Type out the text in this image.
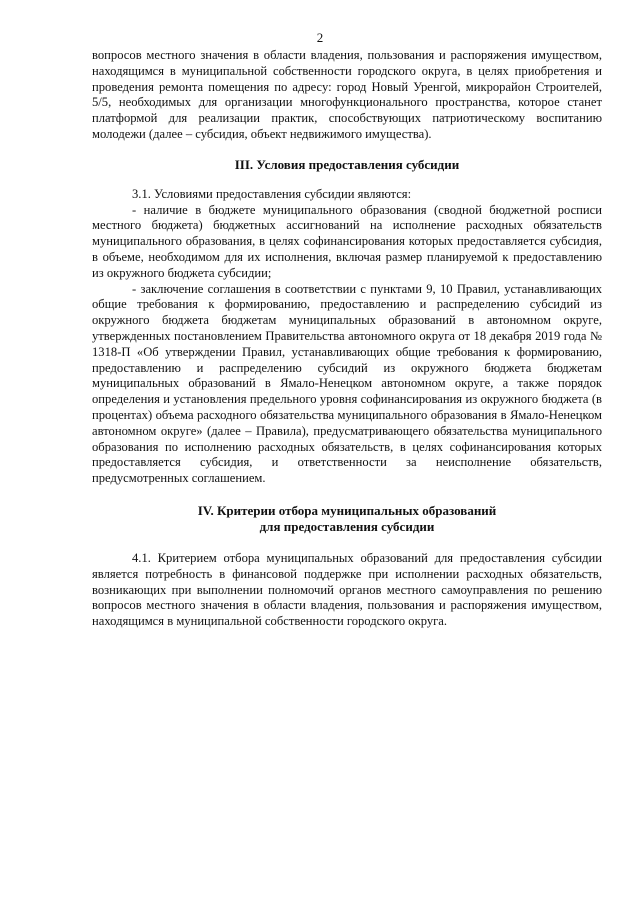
2

вопросов местного значения в области владения, пользования и распоряжения имуществом, находящимся в муниципальной собственности городского округа, в целях приобретения и проведения ремонта помещения по адресу: город Новый Уренгой, микрорайон Строителей, 5/5, необходимых для организации многофункционального пространства, которое станет платформой для реализации практик, способствующих патриотическому воспитанию молодежи (далее – субсидия, объект недвижимого имущества).

III. Условия предоставления субсидии

3.1. Условиями предоставления субсидии являются:

- наличие в бюджете муниципального образования (сводной бюджетной росписи местного бюджета) бюджетных ассигнований на исполнение расходных обязательств муниципального образования, в целях софинансирования которых предоставляется субсидия, в объеме, необходимом для их исполнения, включая размер планируемой к предоставлению из окружного бюджета субсидии;

- заключение соглашения в соответствии с пунктами 9, 10 Правил, устанавливающих общие требования к формированию, предоставлению и распределению субсидий из окружного бюджета бюджетам муниципальных образований в автономном округе, утвержденных постановлением Правительства автономного округа от 18 декабря 2019 года № 1318-П «Об утверждении Правил, устанавливающих общие требования к формированию, предоставлению и распределению субсидий из окружного бюджета бюджетам муниципальных образований в Ямало-Ненецком автономном округе, а также порядок определения и установления предельного уровня софинансирования из окружного бюджета (в процентах) объема расходного обязательства муниципального образования в Ямало-Ненецком автономном округе» (далее – Правила), предусматривающего обязательства муниципального образования по исполнению расходных обязательств, в целях софинансирования которых предоставляется субсидия, и ответственности за неисполнение обязательств, предусмотренных соглашением.

IV. Критерии отбора муниципальных образований

для предоставления субсидии

4.1. Критерием отбора муниципальных образований для предоставления субсидии является потребность в финансовой поддержке при исполнении расходных обязательств, возникающих при выполнении полномочий органов местного самоуправления по решению вопросов местного значения в области владения, пользования и распоряжения имуществом, находящимся в муниципальной собственности городского округа.
